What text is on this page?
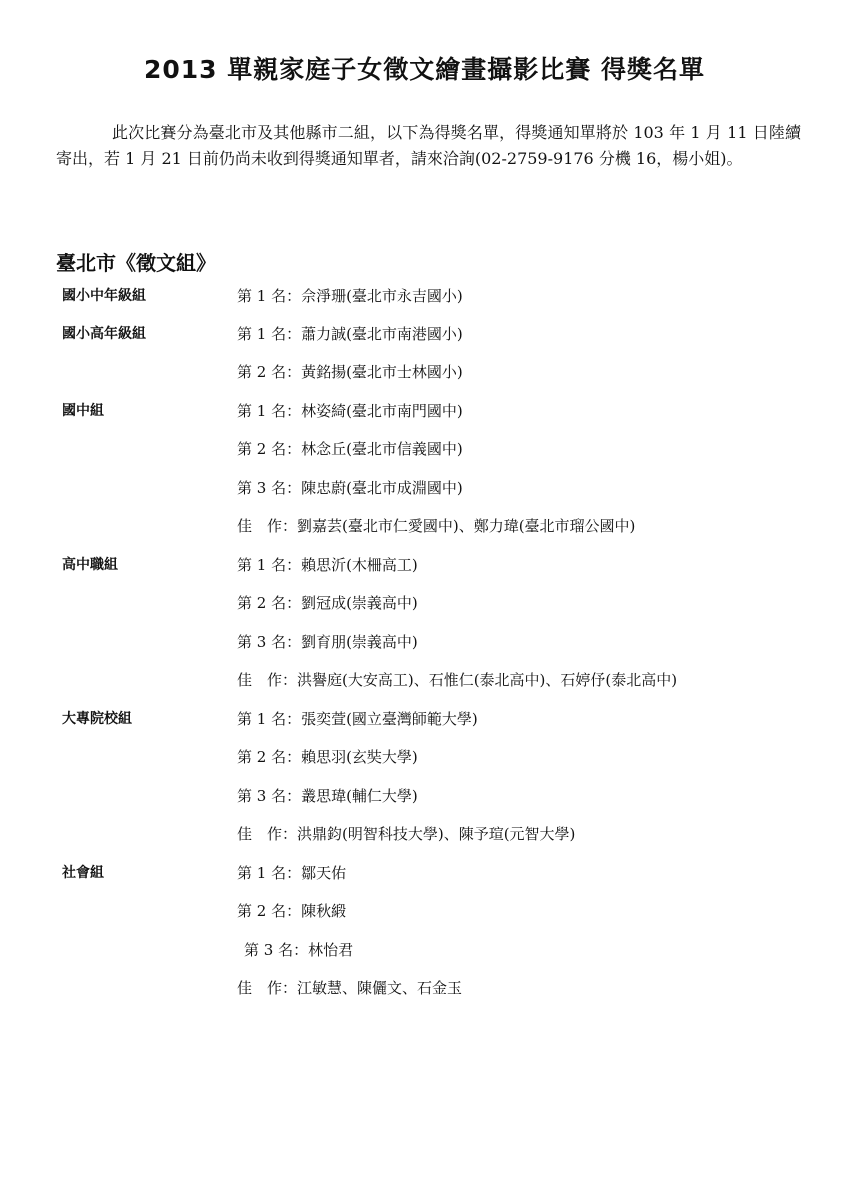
2013 單親家庭子女徵文繪畫攝影比賽 得獎名單
此次比賽分為臺北市及其他縣市二組，以下為得獎名單，得獎通知單將於 103 年 1 月 11 日陸續寄出，若 1 月 21 日前仍尚未收到得獎通知單者，請來洽詢(02-2759-9176 分機 16，楊小姐)。
臺北市《徵文組》
國小中年級組	第 1 名：佘淨珊(臺北市永吉國小)
國小高年級組	第 1 名：蕭力誠(臺北市南港國小)
第 2 名：黃銘揚(臺北市士林國小)
國中組	第 1 名：林姿綺(臺北市南門國中)
第 2 名：林念丘(臺北市信義國中)
第 3 名：陳忠蔚(臺北市成淵國中)
佳　作：劉嘉芸(臺北市仁愛國中)、鄭力瑋(臺北市瑠公國中)
高中職組	第 1 名：賴思沂(木柵高工)
第 2 名：劉冠成(崇義高中)
第 3 名：劉育朋(崇義高中)
佳　作：洪譽庭(大安高工)、石惟仁(泰北高中)、石婷伃(泰北高中)
大專院校組	第 1 名：張奕萱(國立臺灣師範大學)
第 2 名：賴思羽(玄奘大學)
第 3 名：叢思瑋(輔仁大學)
佳　作：洪鼎鈞(明智科技大學)、陳予瑄(元智大學)
社會組	第 1 名：鄒天佑
第 2 名：陳秋緞
第 3 名：林怡君
佳　作：江敏慧、陳儷文、石金玉
